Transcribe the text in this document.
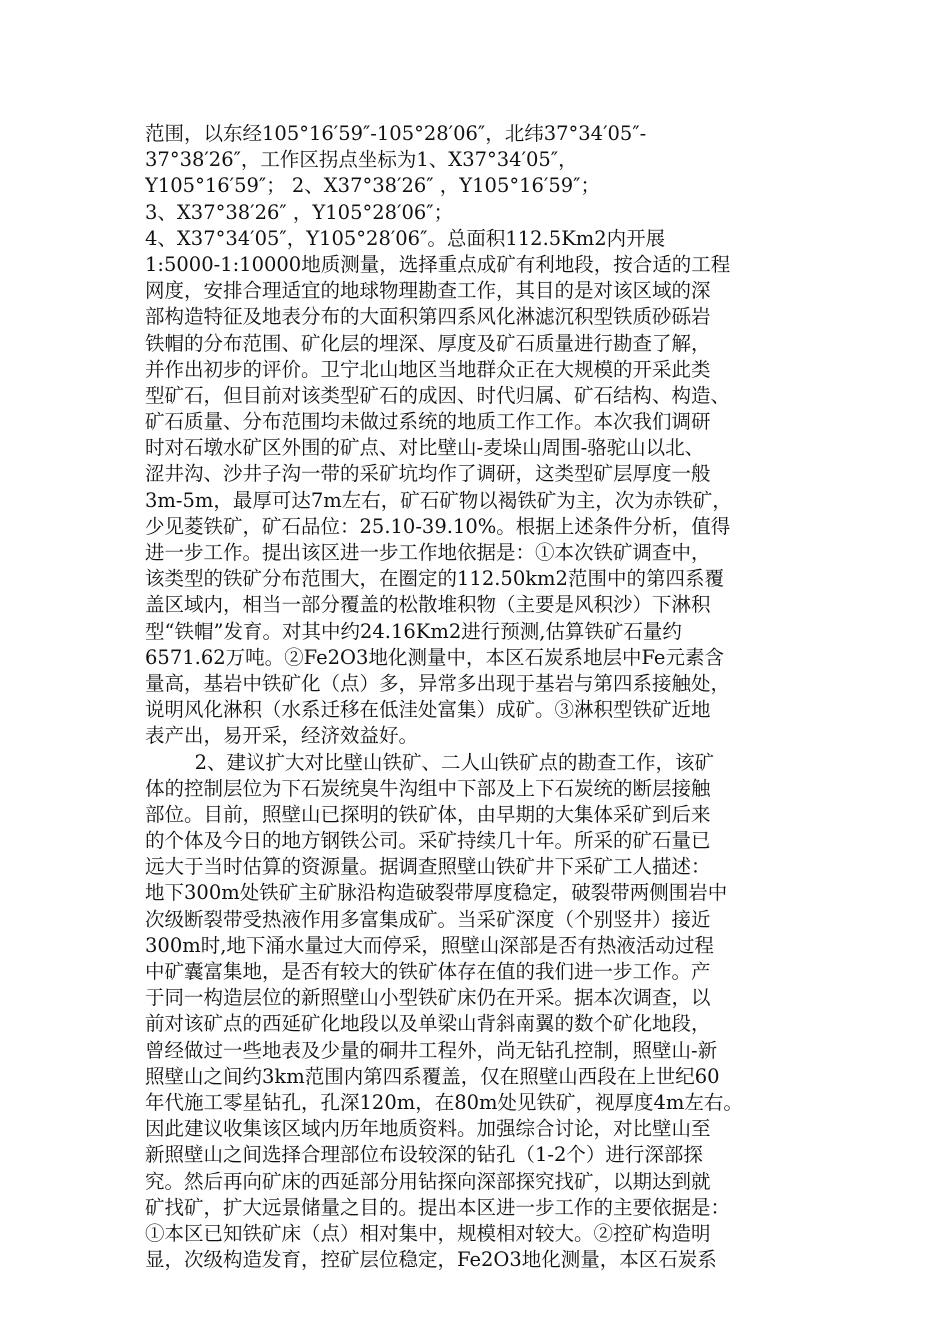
范围，以东经105°16′59″-105°28′06″，北纬37°34′05″-
37°38′26″，工作区拐点坐标为1、X37°34′05″，
Y105°16′59″； 2、X37°38′26″ ，Y105°16′59″；
3、X37°38′26″ ，Y105°28′06″；
4、X37°34′05″，Y105°28′06″。总面积112.5Km2内开展
1:5000-1:10000地质测量，选择重点成矿有利地段，按合适的工程
网度，安排合理适宜的地球物理勘查工作，其目的是对该区域的深
部构造特征及地表分布的大面积第四系风化淋滤沉积型铁质砂砾岩
铁帽的分布范围、矿化层的埋深、厚度及矿石质量进行勘查了解，
并作出初步的评价。卫宁北山地区当地群众正在大规模的开采此类
型矿石，但目前对该类型矿石的成因、时代归属、矿石结构、构造、
矿石质量、分布范围均未做过系统的地质工作工作。本次我们调研
时对石墩水矿区外围的矿点、对比壁山-麦垛山周围-骆驼山以北、
涩井沟、沙井子沟一带的采矿坑均作了调研，这类型矿层厚度一般
3m-5m，最厚可达7m左右，矿石矿物以褐铁矿为主，次为赤铁矿，
少见菱铁矿，矿石品位：25.10-39.10%。根据上述条件分析，值得
进一步工作。提出该区进一步工作地依据是：①本次铁矿调查中，
该类型的铁矿分布范围大，在圈定的112.50km2范围中的第四系覆
盖区域内，相当一部分覆盖的松散堆积物（主要是风积沙）下淋积
型“铁帽”发育。对其中约24.16Km2进行预测,估算铁矿石量约
6571.62万吨。②Fe2O3地化测量中，本区石炭系地层中Fe元素含
量高，基岩中铁矿化（点）多，异常多出现于基岩与第四系接触处，
说明风化淋积（水系迁移在低洼处富集）成矿。③淋积型铁矿近地
表产出，易开采，经济效益好。
2、建议扩大对比壁山铁矿、二人山铁矿点的勘查工作，该矿
体的控制层位为下石炭统臭牛沟组中下部及上下石炭统的断层接触
部位。目前，照壁山已探明的铁矿体，由早期的大集体采矿到后来
的个体及今日的地方钢铁公司。采矿持续几十年。所采的矿石量已
远大于当时估算的资源量。据调查照壁山铁矿井下采矿工人描述：
地下300m处铁矿主矿脉沿构造破裂带厚度稳定，破裂带两侧围岩中
次级断裂带受热液作用多富集成矿。当采矿深度（个别竖井）接近
300m时,地下涌水量过大而停采，照壁山深部是否有热液活动过程
中矿囊富集地，是否有较大的铁矿体存在值的我们进一步工作。产
于同一构造层位的新照壁山小型铁矿床仍在开采。据本次调查，以
前对该矿点的西延矿化地段以及单梁山背斜南翼的数个矿化地段，
曾经做过一些地表及少量的硐井工程外，尚无钻孔控制，照壁山-新
照壁山之间约3km范围内第四系覆盖，仅在照壁山西段在上世纪60
年代施工零星钻孔，孔深120m，在80m处见铁矿，视厚度4m左右。
因此建议收集该区域内历年地质资料。加强综合讨论，对比壁山至
新照壁山之间选择合理部位布设较深的钻孔（1-2个）进行深部探
究。然后再向矿床的西延部分用钻探向深部探究找矿，以期达到就
矿找矿，扩大远景储量之目的。提出本区进一步工作的主要依据是：
①本区已知铁矿床（点）相对集中，规模相对较大。②控矿构造明
显，次级构造发育，控矿层位稳定，Fe2O3地化测量，本区石炭系
